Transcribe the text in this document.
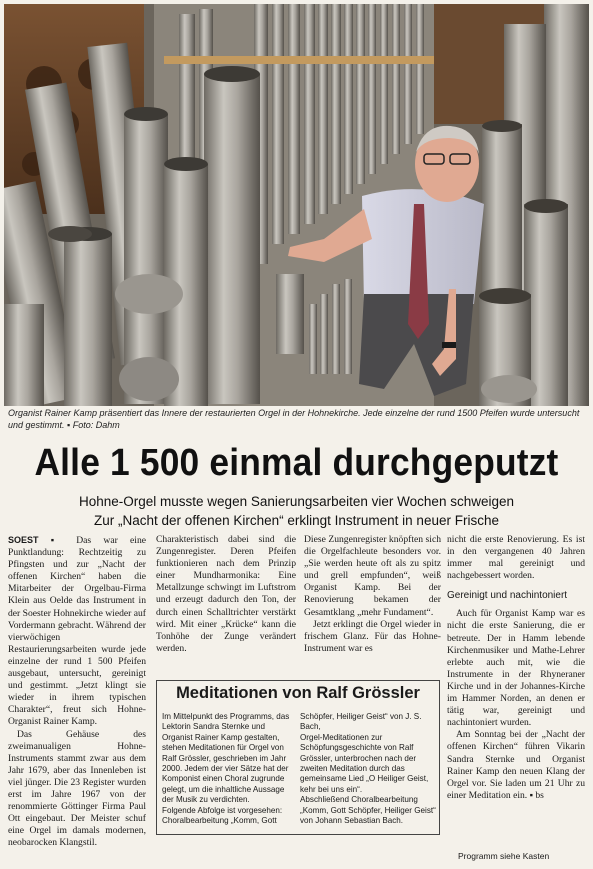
Organist Rainer Kamp präsentiert das Innere der restaurierten Orgel in der Hohnekirche. Jede einzelne der rund 1500 Pfeifen wurde untersucht und gestimmt. ▪ Foto: Dahm
Alle 1 500 einmal durchgeputzt
Hohne-Orgel musste wegen Sanierungsarbeiten vier Wochen schweigen
Zur „Nacht der offenen Kirchen“ erklingt Instrument in neuer Frische

SOEST ▪ Das war eine Punktlandung: Rechtzeitig zu Pfingsten und zur „Nacht der offenen Kirchen“ haben die Mitarbeiter der Orgelbau-Firma Klein aus Oelde das Instrument in der Soester Hohnekirche wieder auf Vordermann gebracht. Während der vierwöchigen Restaurierungsarbeiten wurde jede einzelne der rund 1 500 Pfeifen ausgebaut, untersucht, gereinigt und gestimmt. „Jetzt klingt sie wieder in ihrem typischen Charakter“, freut sich Hohne-Organist Rainer Kamp.

Das Gehäuse des zweimanualigen Hohne-Instruments stammt zwar aus dem Jahr 1679, aber das Innenleben ist viel jünger. Die 23 Register wurden erst im Jahre 1967 von der renommierte Göttinger Firma Paul Ott eingebaut. Der Meister schuf eine Orgel im damals modernen, neobarocken Klangstil.

Charakteristisch dabei sind die Zungenregister. Deren Pfeifen funktionieren nach dem Prinzip einer Mundharmonika: Eine Metallzunge schwingt im Luftstrom und erzeugt dadurch den Ton, der durch einen Schalltrichter verstärkt wird. Mit einer „Krücke“ kann die Tonhöhe der Zunge verändert werden.

Diese Zungenregister knöpften sich die Orgelfachleute besonders vor. „Sie werden heute oft als zu spitz und grell empfunden“, weiß Organist Kamp. Bei der Renovierung bekamen der Gesamtklang „mehr Fundament“.

Jetzt erklingt die Orgel wieder in frischem Glanz. Für das Hohne-Instrument war es

nicht die erste Renovierung. Es ist in den vergangenen 40 Jahren immer mal gereinigt und nachgebessert worden.

Gereinigt und nachintoniert

Auch für Organist Kamp war es nicht die erste Sanierung, die er betreute. Der in Hamm lebende Kirchenmusiker und Mathe-Lehrer erlebte auch mit, wie die Instrumente in der Rhyneraner Kirche und in der Johannes-Kirche im Hammer Norden, an denen er tätig war, gereinigt und nachintoniert wurden.

Am Sonntag bei der „Nacht der offenen Kirchen“ führen Vikarin Sandra Sternke und Organist Rainer Kamp den neuen Klang der Orgel vor. Sie laden um 21 Uhr zu einer Meditation ein. ▪ bs

Meditationen von Ralf Grössler

Im Mittelpunkt des Programms, das Lektorin Sandra Sternke und Organist Rainer Kamp gestalten, stehen Meditationen für Orgel von Ralf Grössler, geschrieben im Jahr 2000. Jedem der vier Sätze hat der Komponist einen Choral zugrunde gelegt, um die inhaltliche Aussage der Musik zu verdichten.

Folgende Abfolge ist vorgesehen: Choralbearbeitung „Komm, Gott

Schöpfer, Heiliger Geist“ von J. S. Bach,

Orgel-Meditationen zur Schöpfungsgeschichte von Ralf Grössler, unterbrochen nach der zweiten Meditation durch das gemeinsame Lied „O Heiliger Geist, kehr bei uns ein“.

Abschließend Choralbearbeitung „Komm, Gott Schöpfer, Heiliger Geist“ von Johann Sebastian Bach.

Programm siehe Kasten
